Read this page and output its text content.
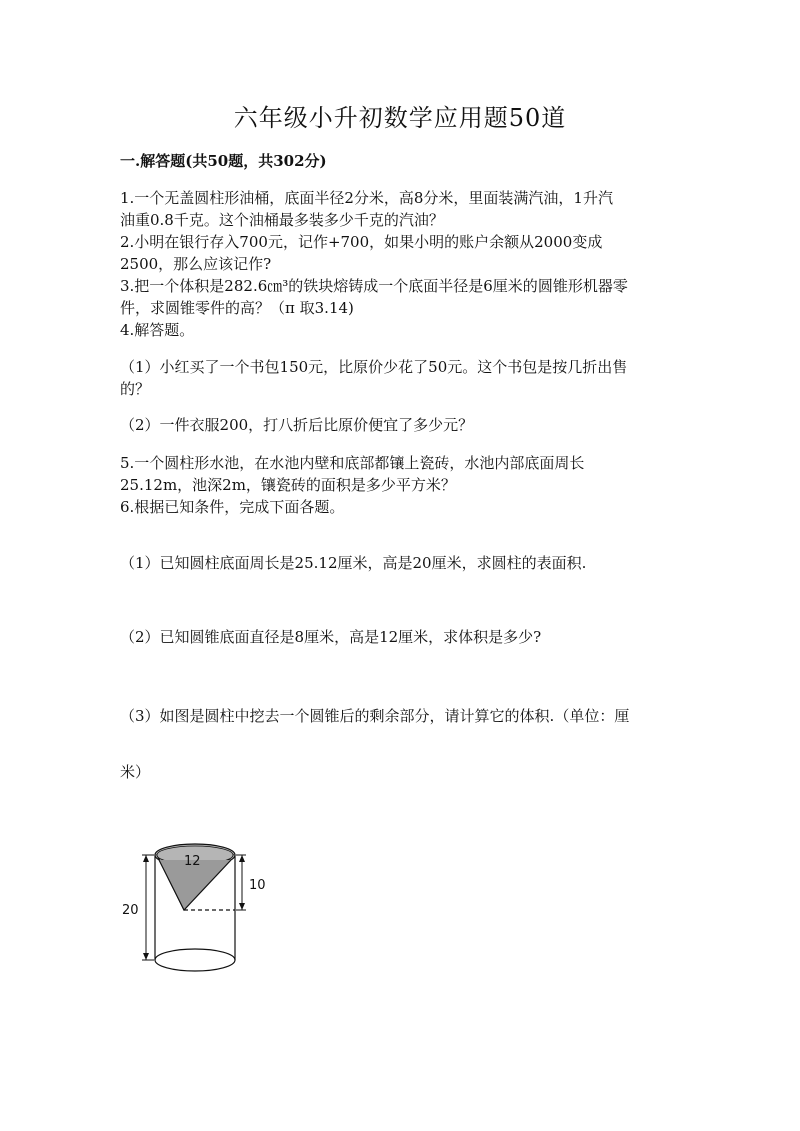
六年级小升初数学应用题50道
一.解答题(共50题，共302分)
1.一个无盖圆柱形油桶，底面半径2分米，高8分米，里面装满汽油，1升汽
油重0.8千克。这个油桶最多装多少千克的汽油？
2.小明在银行存入700元，记作+700，如果小明的账户余额从2000变成
2500，那么应该记作?
3.把一个体积是282.6㎝³的铁块熔铸成一个底面半径是6厘米的圆锥形机器零
件，求圆锥零件的高？（π 取3.14)
4.解答题。
（1）小红买了一个书包150元，比原价少花了50元。这个书包是按几折出售
的？
（2）一件衣服200，打八折后比原价便宜了多少元？
5.一个圆柱形水池，在水池内壁和底部都镶上瓷砖，水池内部底面周长
25.12m，池深2m，镶瓷砖的面积是多少平方米？
6.根据已知条件，完成下面各题。
（1）已知圆柱底面周长是25.12厘米，高是20厘米，求圆柱的表面积.
（2）已知圆锥底面直径是8厘米，高是12厘米，求体积是多少?
（3）如图是圆柱中挖去一个圆锥后的剩余部分，请计算它的体积.（单位：厘
米）
12
10
20
